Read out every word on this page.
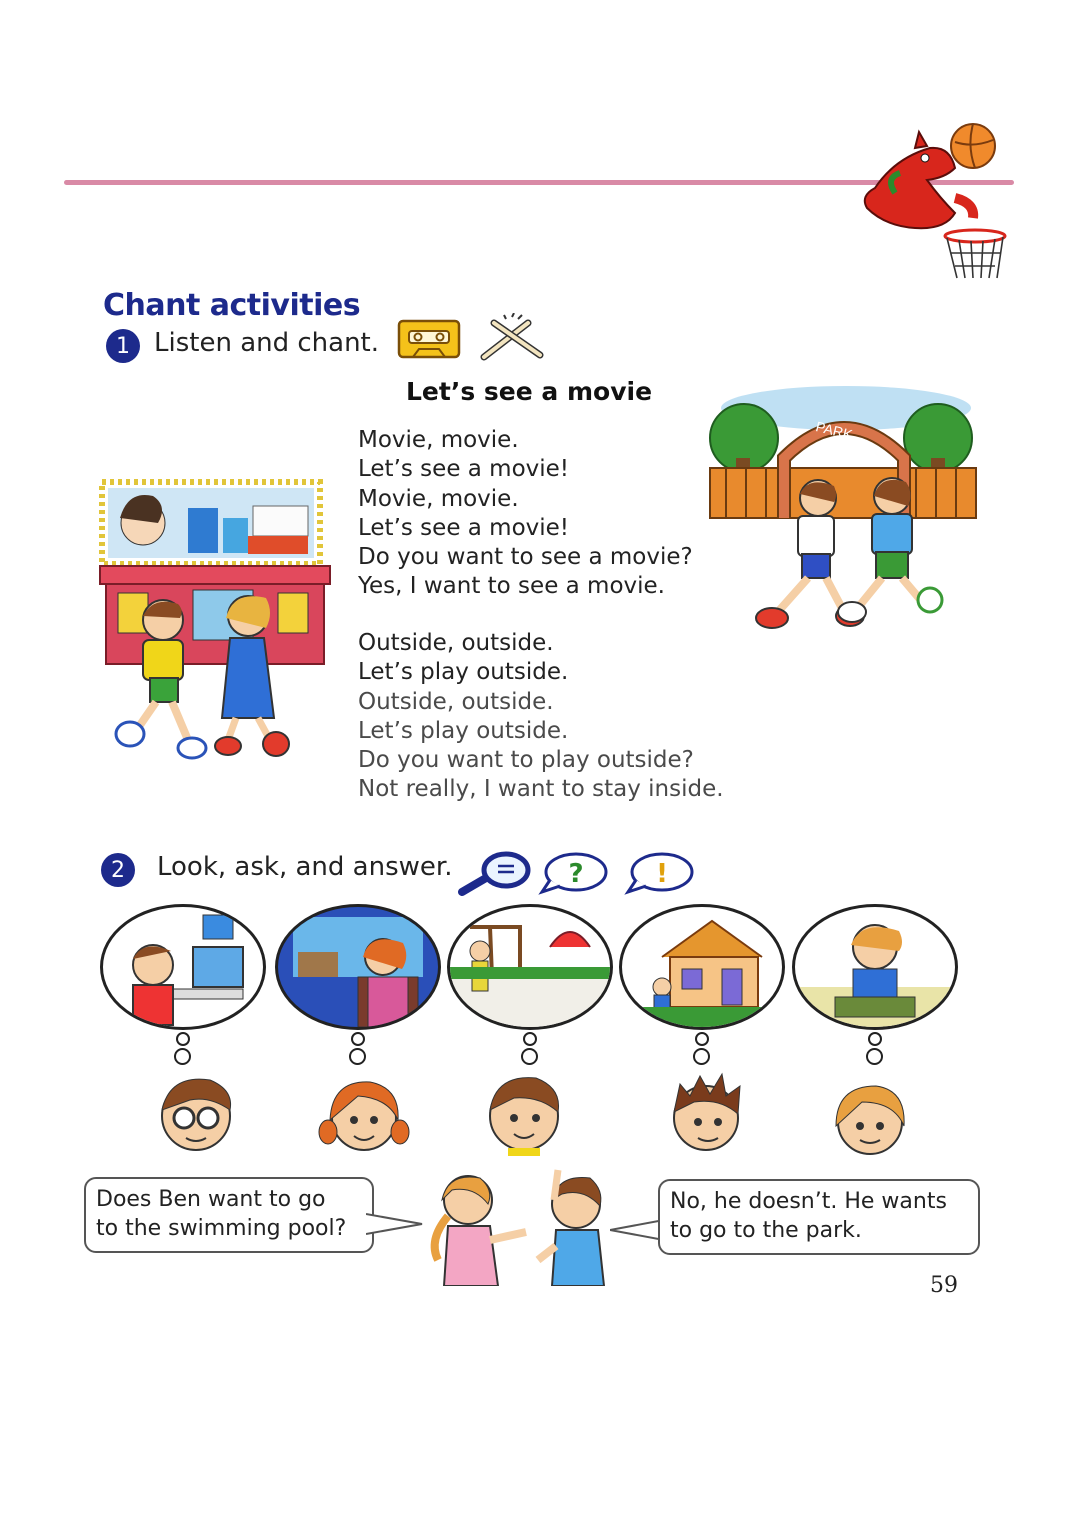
Chant activities
1 Listen and chant.
Let’s see a movie
Movie, movie.
Let’s see a movie!
Movie, movie.
Let’s see a movie!
Do you want to see a movie?
Yes, I want to see a movie.
Outside, outside.
Let’s play outside.
Outside, outside.
Let’s play outside.
Do you want to play outside?
Not really, I want to stay inside.
PARK
2	Look, ask, and answer.	?	!
Does Ben want to go
to the swimming pool?
No, he doesn’t. He wants
to go to the park.
59
